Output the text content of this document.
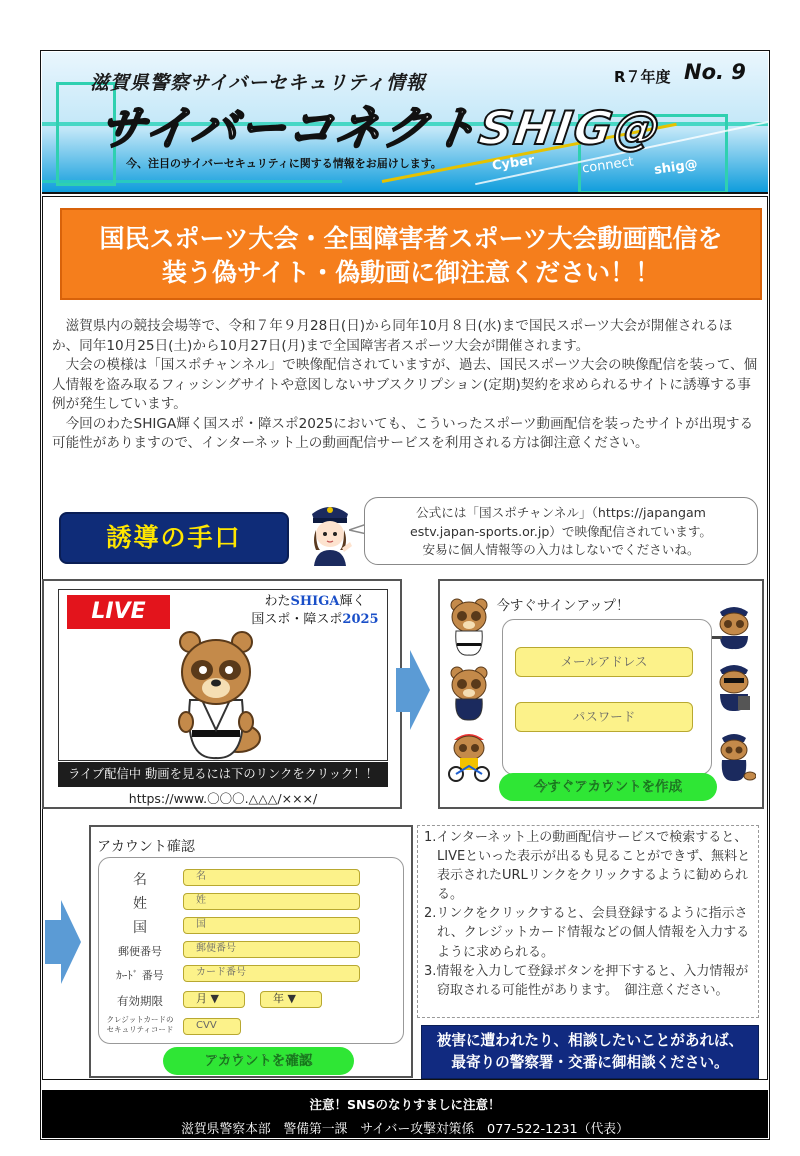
滋賀県警察サイバーセキュリティ情報
サイバーコネクトSHIG@
今、注目のサイバーセキュリティに関する情報をお届けします。
R７年度 No. 9
Cyber	connect shig@
国民スポーツ大会・全国障害者スポーツ大会動画配信を
装う偽サイト・偽動画に御注意ください！！

滋賀県内の競技会場等で、令和７年９月28日(日)から同年10月８日(水)まで国民スポーツ大会が開催されるほか、同年10月25日(土)から10月27日(月)まで全国障害者スポーツ大会が開催されます。

大会の模様は「国スポチャンネル」で映像配信されていますが、過去、国民スポーツ大会の映像配信を装って、個人情報を盗み取るフィッシングサイトや意図しないサブスクリプション(定期)契約を求められるサイトに誘導する事例が発生しています。

今回のわたSHIGA輝く国スポ・障スポ2025においても、こういったスポーツ動画配信を装ったサイトが出現する可能性がありますので、インターネット上の動画配信サービスを利用される方は御注意ください。

誘導の手口
公式には「国スポチャンネル」（https://japangam
estv.japan-sports.or.jp）で映像配信されています。
安易に個人情報等の入力はしないでくださいね。
LIVE	わたSHIGA輝く
国スポ・障スポ2025
ライブ配信中 動画を見るには下のリンクをクリック！！
https://www.〇〇〇.△△△/×××/
今すぐサインアップ！
メールアドレス
パスワード
今すぐアカウントを作成
アカウント確認
名	名
姓	姓
国	国
郵便番号	郵便番号
ｶｰﾄﾞ 番号	カード番号
有効期限	月 ▼	年 ▼
クレジットカードの
セキュリティコード	CVV
アカウントを確認

1.インターネット上の動画配信サービスで検索すると、LIVEといった表示が出るも見ることができず、無料と表示されたURLリンクをクリックするように勧められる。

2.リンクをクリックすると、会員登録するように指示され、クレジットカード情報などの個人情報を入力するように求められる。

3.情報を入力して登録ボタンを押下すると、入力情報が窃取される可能性があります。　御注意ください。

被害に遭われたり、相談したいことがあれば、最寄りの警察署・交番に御相談ください。
注意！SNSのなりすましに注意！
滋賀県警察本部　警備第一課　サイバー攻撃対策係　077-522-1231（代表）
